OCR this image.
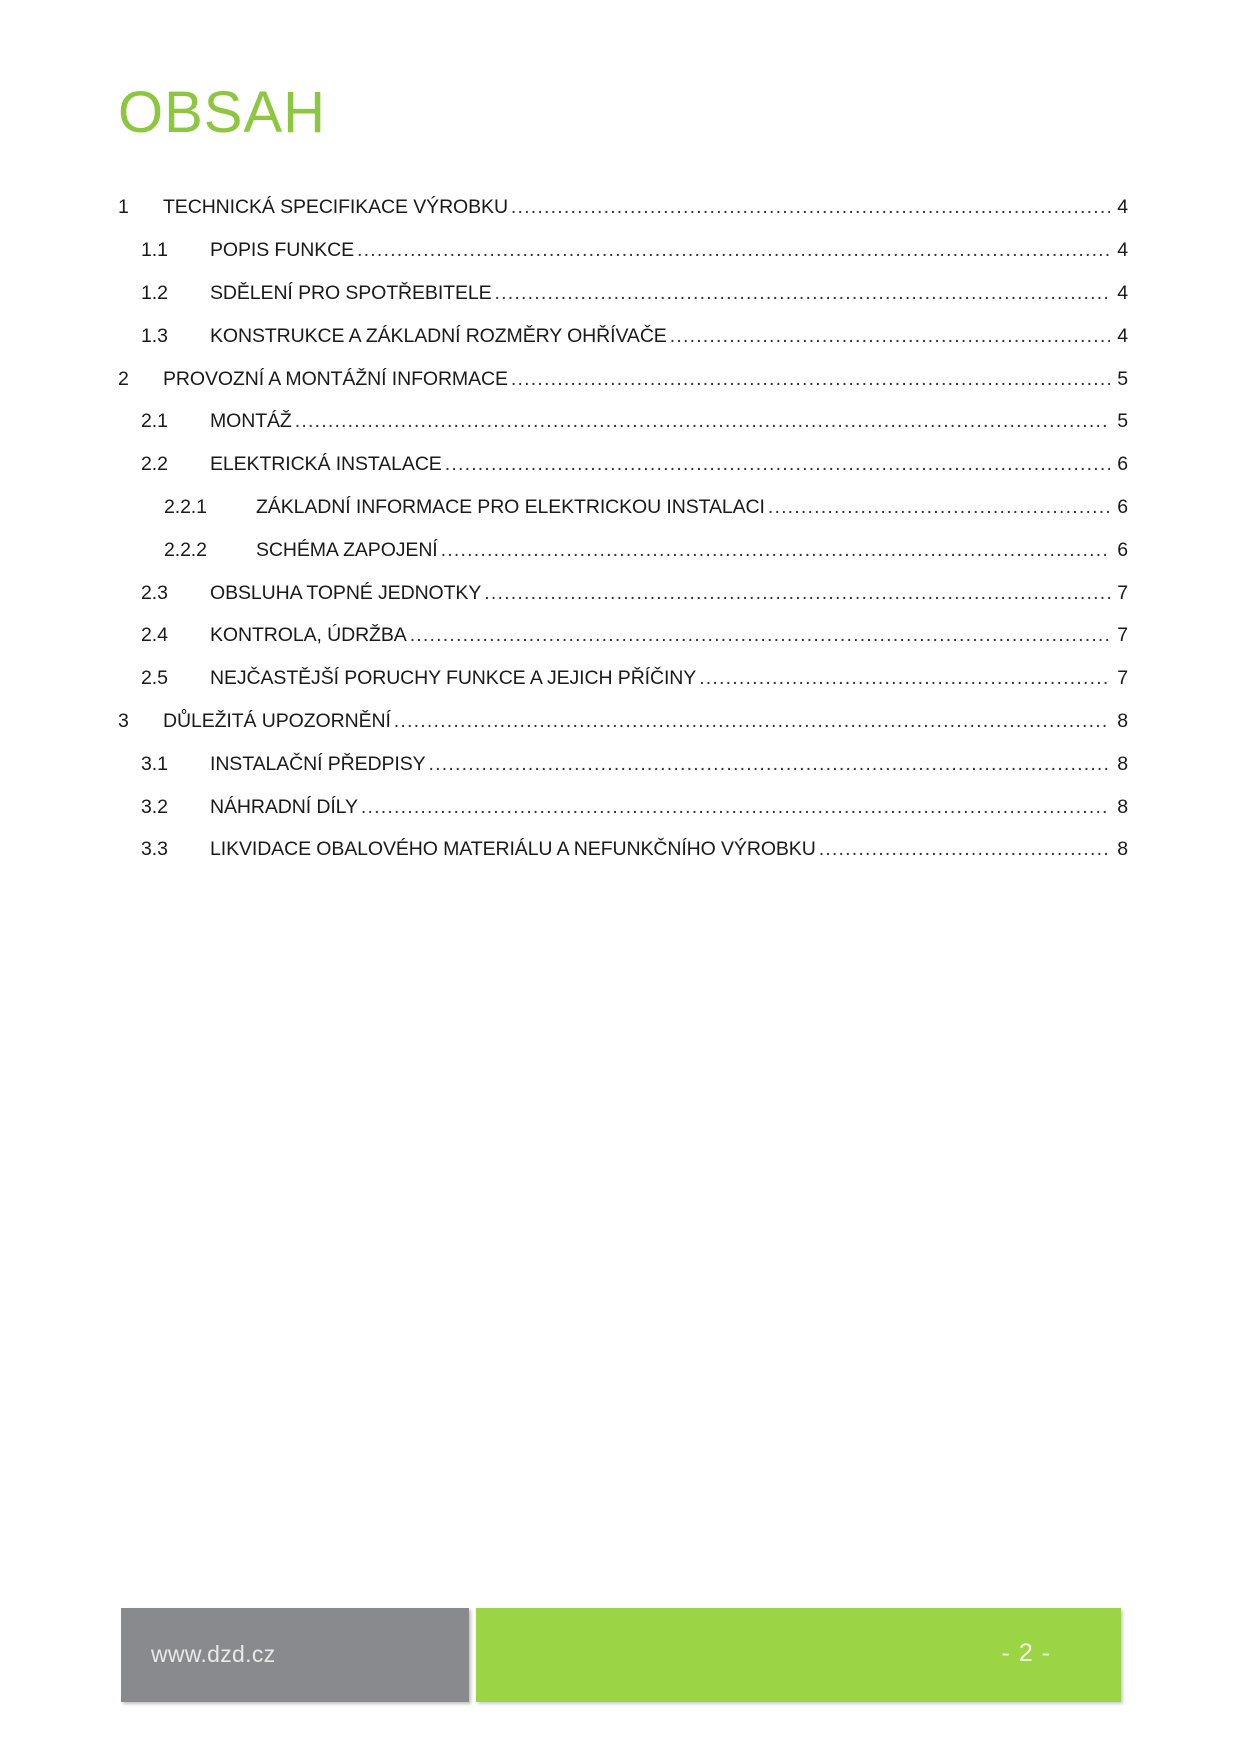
OBSAH
1	TECHNICKÁ SPECIFIKACE VÝROBKU .....	4
1.1	POPIS FUNKCE .....	4
1.2	SDĚLENÍ PRO SPOTŘEBITELE .....	4
1.3	KONSTRUKCE A ZÁKLADNÍ ROZMĚRY OHŘÍVAČE .....	4
2	PROVOZNÍ A MONTÁŽNÍ INFORMACE .....	5
2.1	MONTÁŽ .....	5
2.2	ELEKTRICKÁ INSTALACE .....	6
2.2.1	ZÁKLADNÍ INFORMACE PRO ELEKTRICKOU INSTALACI .....	6
2.2.2	SCHÉMA ZAPOJENÍ .....	6
2.3	OBSLUHA TOPNÉ JEDNOTKY .....	7
2.4	KONTROLA, ÚDRŽBA .....	7
2.5	NEJČASTĚJŠÍ PORUCHY FUNKCE A JEJICH PŘÍČINY .....	7
3	DŮLEŽITÁ UPOZORNĚNÍ .....	8
3.1	INSTALAČNÍ PŘEDPISY .....	8
3.2	NÁHRADNÍ DÍLY .....	8
3.3	LIKVIDACE OBALOVÉHO MATERIÁLU A NEFUNKČNÍHO VÝROBKU .....	8
www.dzd.cz	- 2 -
